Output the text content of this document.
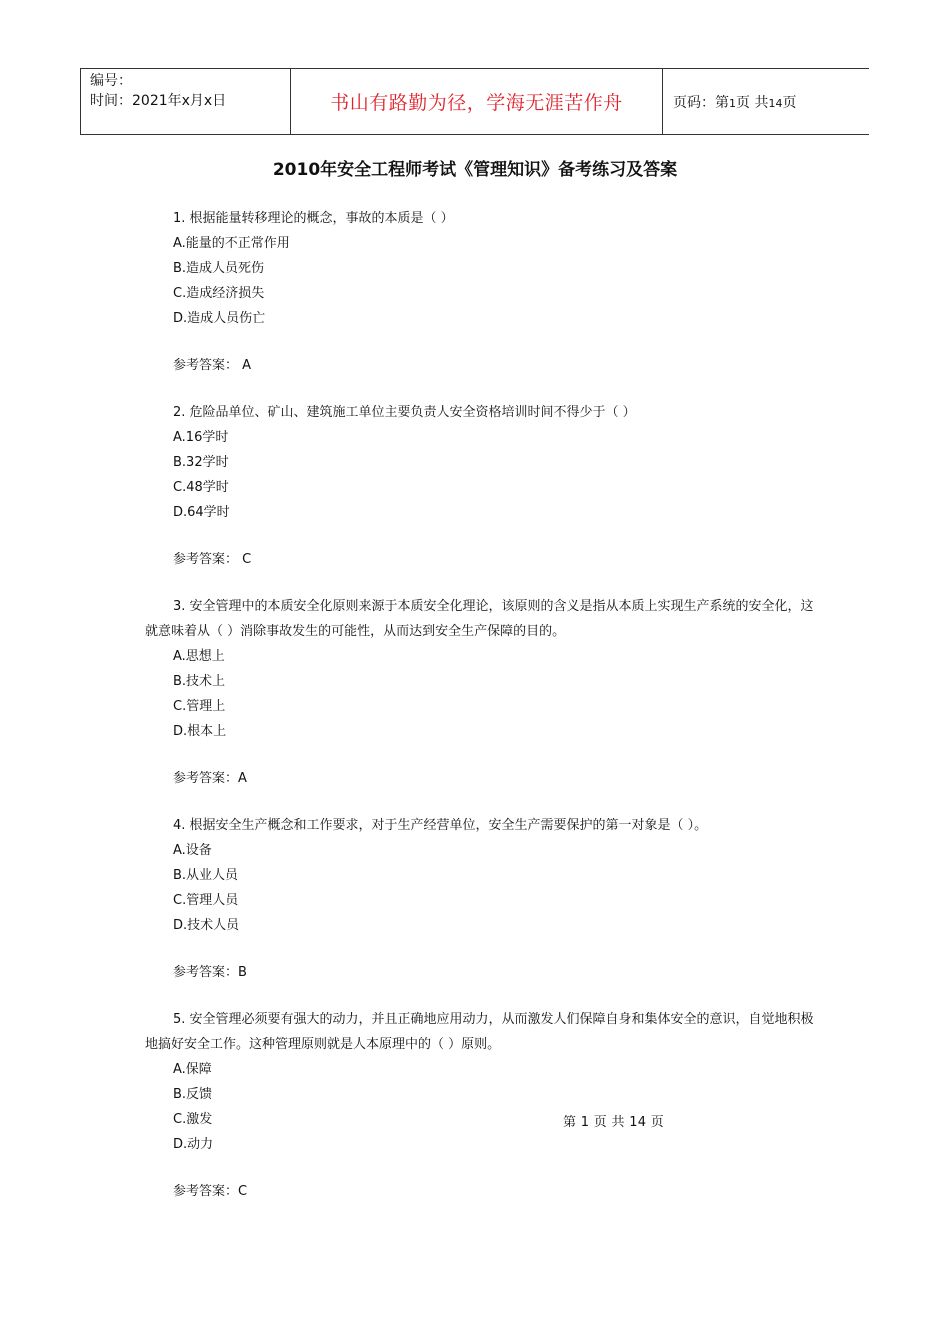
编号：
时间：2021年x月x日	书山有路勤为径，学海无涯苦作舟	页码：第1页 共14页
2010年安全工程师考试《管理知识》备考练习及答案

1. 根据能量转移理论的概念，事故的本质是（ ）

A.能量的不正常作用

B.造成人员死伤

C.造成经济损失

D.造成人员伤亡

参考答案： A

2. 危险品单位、矿山、建筑施工单位主要负责人安全资格培训时间不得少于（ ）

A.16学时

B.32学时

C.48学时

D.64学时

参考答案： C

3. 安全管理中的本质安全化原则来源于本质安全化理论，该原则的含义是指从本质上实现生产系统的安全化，这就意味着从（ ）消除事故发生的可能性，从而达到安全生产保障的目的。

A.思想上

B.技术上

C.管理上

D.根本上

参考答案：A

4. 根据安全生产概念和工作要求，对于生产经营单位，安全生产需要保护的第一对象是（ ）。

A.设备

B.从业人员

C.管理人员

D.技术人员

参考答案：B

5. 安全管理必须要有强大的动力，并且正确地应用动力，从而激发人们保障自身和集体安全的意识，自觉地积极地搞好安全工作。这种管理原则就是人本原理中的（ ）原则。

A.保障

B.反馈

C.激发

D.动力

参考答案：C

第 1 页 共 14 页
